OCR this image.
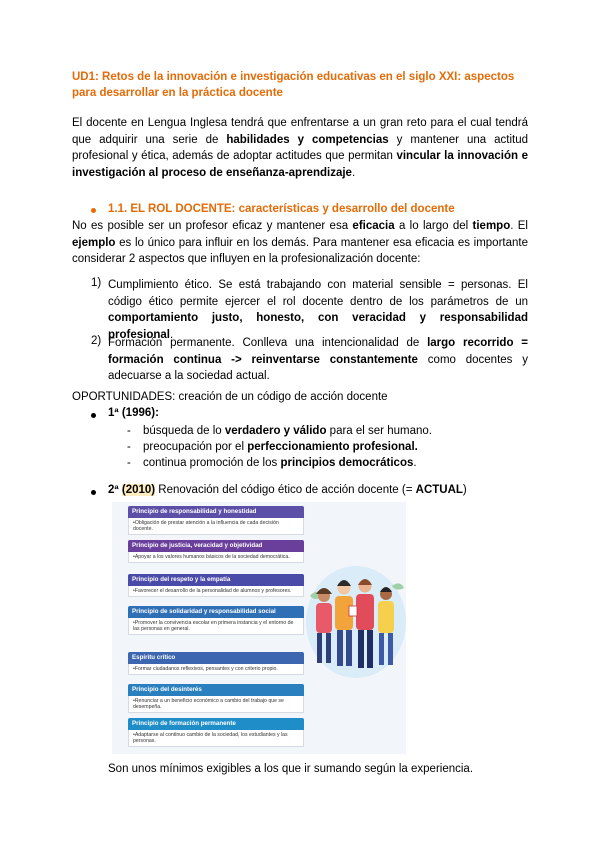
UD1: Retos de la innovación e investigación educativas en el siglo XXI: aspectos para desarrollar en la práctica docente
El docente en Lengua Inglesa tendrá que enfrentarse a un gran reto para el cual tendrá que adquirir una serie de habilidades y competencias y mantener una actitud profesional y ética, además de adoptar actitudes que permitan vincular la innovación e investigación al proceso de enseñanza-aprendizaje.
1.1. EL ROL DOCENTE: características y desarrollo del docente
No es posible ser un profesor eficaz y mantener esa eficacia a lo largo del tiempo. El ejemplo es lo único para influir en los demás. Para mantener esa eficacia es importante considerar 2 aspectos que influyen en la profesionalización docente:
1) Cumplimiento ético. Se está trabajando con material sensible = personas. El código ético permite ejercer el rol docente dentro de los parámetros de un comportamiento justo, honesto, con veracidad y responsabilidad profesional.
2) Formación permanente. Conlleva una intencionalidad de largo recorrido = formación continua -> reinventarse constantemente como docentes y adecuarse a la sociedad actual.
OPORTUNIDADES: creación de un código de acción docente
1ª (1996):
- búsqueda de lo verdadero y válido para el ser humano.
- preocupación por el perfeccionamiento profesional.
- continua promoción de los principios democráticos.
2ª (2010) Renovación del código ético de acción docente (= ACTUAL)
Principio de responsabilidad y honestidad
•Obligación de prestar atención a la influencia de cada decisión docente.
Principio de justicia, veracidad y objetividad
•Apoyar a los valores humanos básicos de la sociedad democrática.
Principio del respeto y la empatía
•Favorecer el desarrollo de la personalidad de alumnos y profesores.
Principio de solidaridad y responsabilidad social
•Promover la convivencia escolar en primera instancia y el entorno de las personas en general.
Espíritu crítico
•Formar ciudadanos reflexivos, pensantes y con criterio propio.
Principio del desinterés
•Renunciar a un beneficio económico a cambio del trabajo que se desempeña.
Principio de formación permanente
•Adaptarse al continuo cambio de la sociedad, los estudiantes y las personas.
Son unos mínimos exigibles a los que ir sumando según la experiencia.
